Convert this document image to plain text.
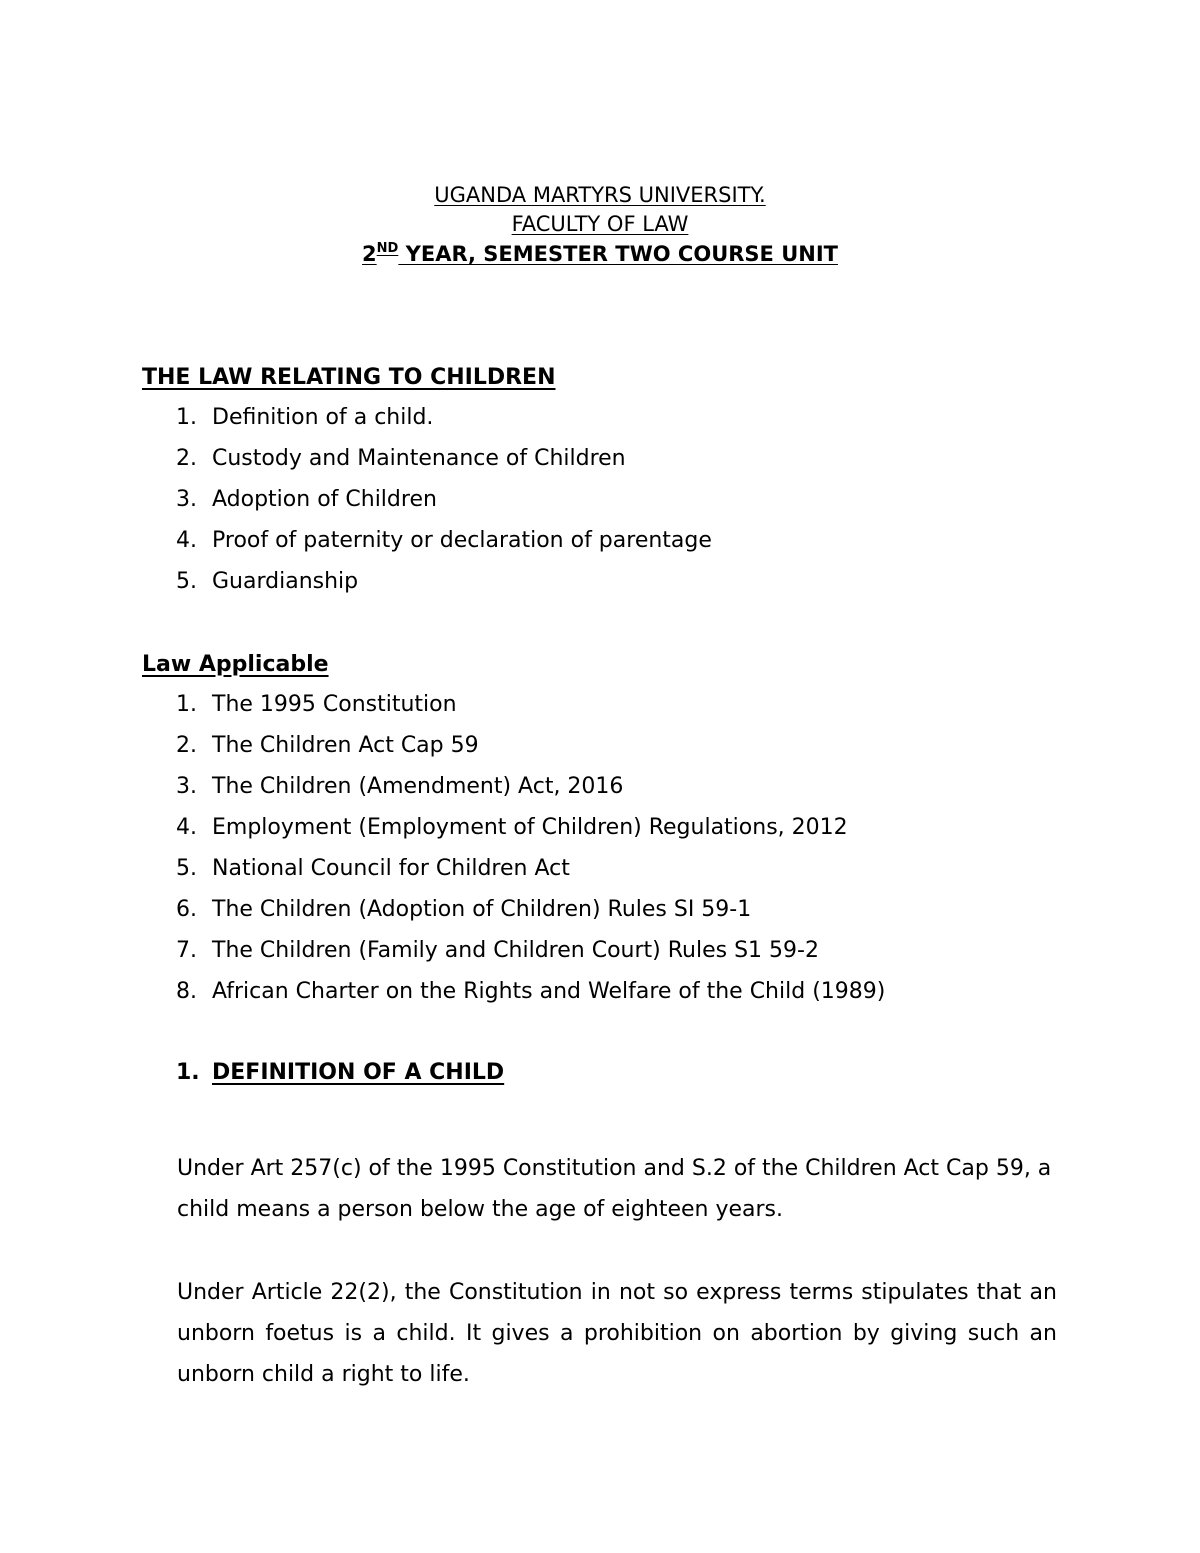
UGANDA MARTYRS UNIVERSITY.
FACULTY OF LAW
2ND YEAR, SEMESTER TWO COURSE UNIT
THE LAW RELATING TO CHILDREN
1. Definition of a child.
2. Custody and Maintenance of Children
3. Adoption of Children
4. Proof of paternity or declaration of parentage
5. Guardianship
Law Applicable
1. The 1995 Constitution
2. The Children Act Cap 59
3. The Children (Amendment) Act, 2016
4. Employment (Employment of Children) Regulations, 2012
5. National Council for Children Act
6. The Children (Adoption of Children) Rules SI 59-1
7. The Children (Family and Children Court) Rules S1 59-2
8. African Charter on the Rights and Welfare of the Child (1989)
1. DEFINITION OF A CHILD
Under Art 257(c) of the 1995 Constitution and S.2 of the Children Act Cap 59, a child means a person below the age of eighteen years.
Under Article 22(2), the Constitution in not so express terms stipulates that an unborn foetus is a child. It gives a prohibition on abortion by giving such an unborn child a right to life.
